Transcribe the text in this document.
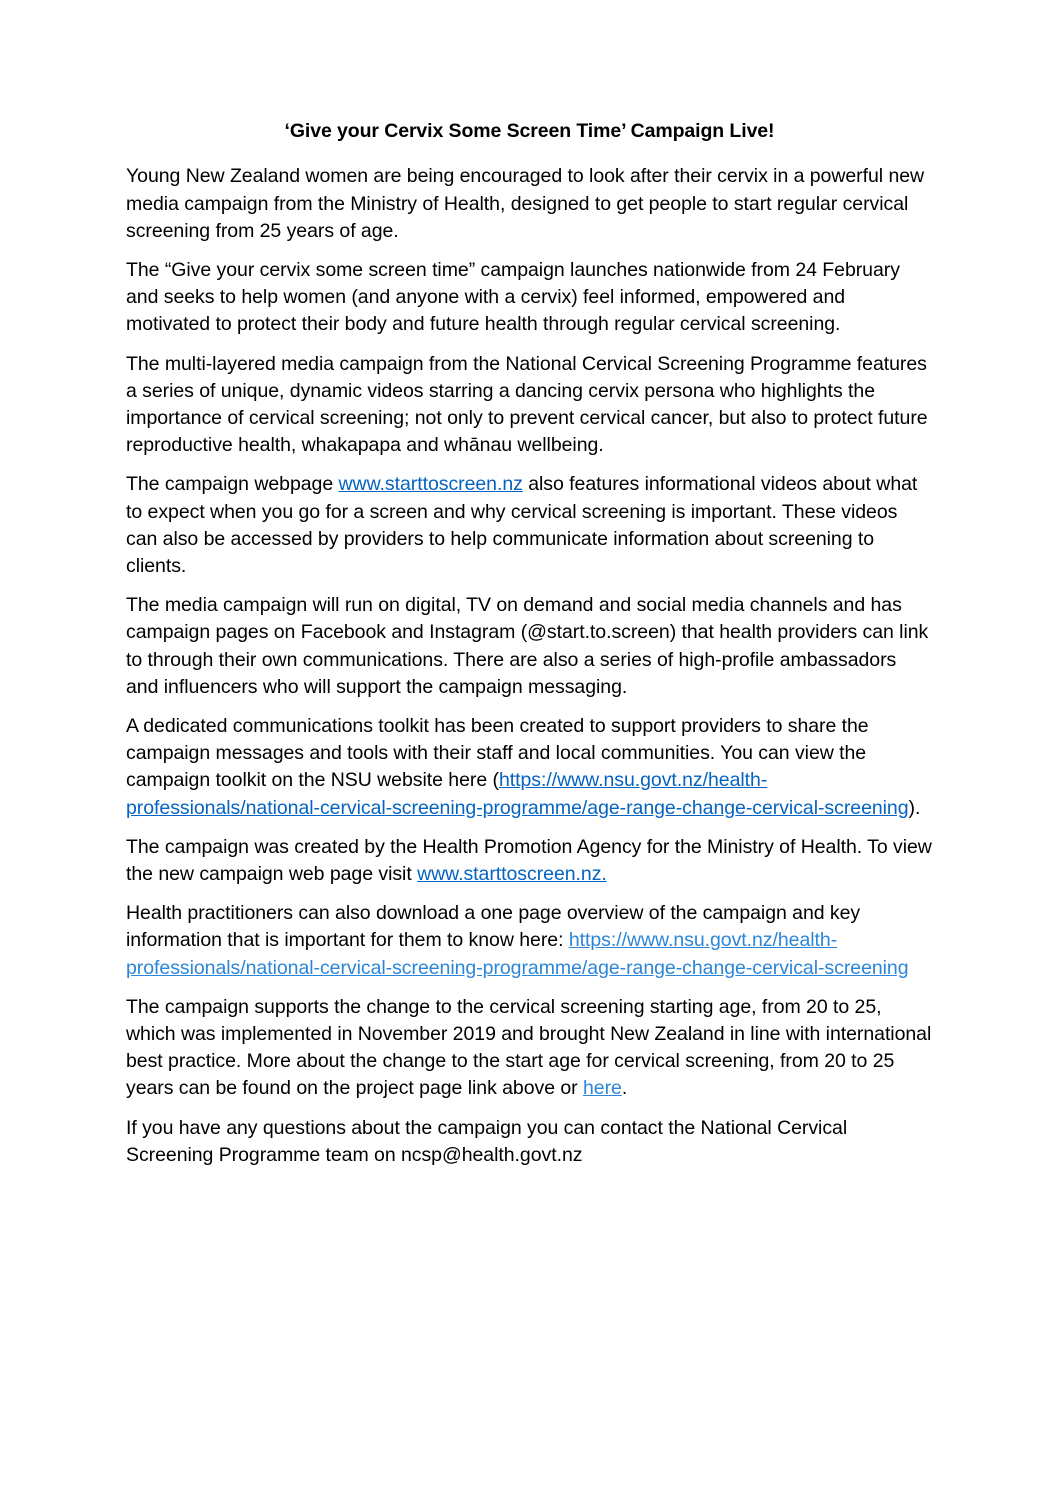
‘Give your Cervix Some Screen Time’ Campaign Live!

Young New Zealand women are being encouraged to look after their cervix in a powerful new media campaign from the Ministry of Health, designed to get people to start regular cervical screening from 25 years of age.

The “Give your cervix some screen time” campaign launches nationwide from 24 February and seeks to help women (and anyone with a cervix) feel informed, empowered and motivated to protect their body and future health through regular cervical screening.

The multi-layered media campaign from the National Cervical Screening Programme features a series of unique, dynamic videos starring a dancing cervix persona who highlights the importance of cervical screening; not only to prevent cervical cancer, but also to protect future reproductive health, whakapapa and whānau wellbeing.

The campaign webpage www.starttoscreen.nz also features informational videos about what to expect when you go for a screen and why cervical screening is important. These videos can also be accessed by providers to help communicate information about screening to clients.

The media campaign will run on digital, TV on demand and social media channels and has campaign pages on Facebook and Instagram (@start.to.screen) that health providers can link to through their own communications. There are also a series of high-profile ambassadors and influencers who will support the campaign messaging.

A dedicated communications toolkit has been created to support providers to share the campaign messages and tools with their staff and local communities. You can view the campaign toolkit on the NSU website here (https://www.nsu.govt.nz/health-professionals/national-cervical-screening-programme/age-range-change-cervical-screening).

The campaign was created by the Health Promotion Agency for the Ministry of Health. To view the new campaign web page visit www.starttoscreen.nz.

Health practitioners can also download a one page overview of the campaign and key information that is important for them to know here: https://www.nsu.govt.nz/health-professionals/national-cervical-screening-programme/age-range-change-cervical-screening

The campaign supports the change to the cervical screening starting age, from 20 to 25, which was implemented in November 2019 and brought New Zealand in line with international best practice. More about the change to the start age for cervical screening, from 20 to 25 years can be found on the project page link above or here.

If you have any questions about the campaign you can contact the National Cervical Screening Programme team on ncsp@health.govt.nz
